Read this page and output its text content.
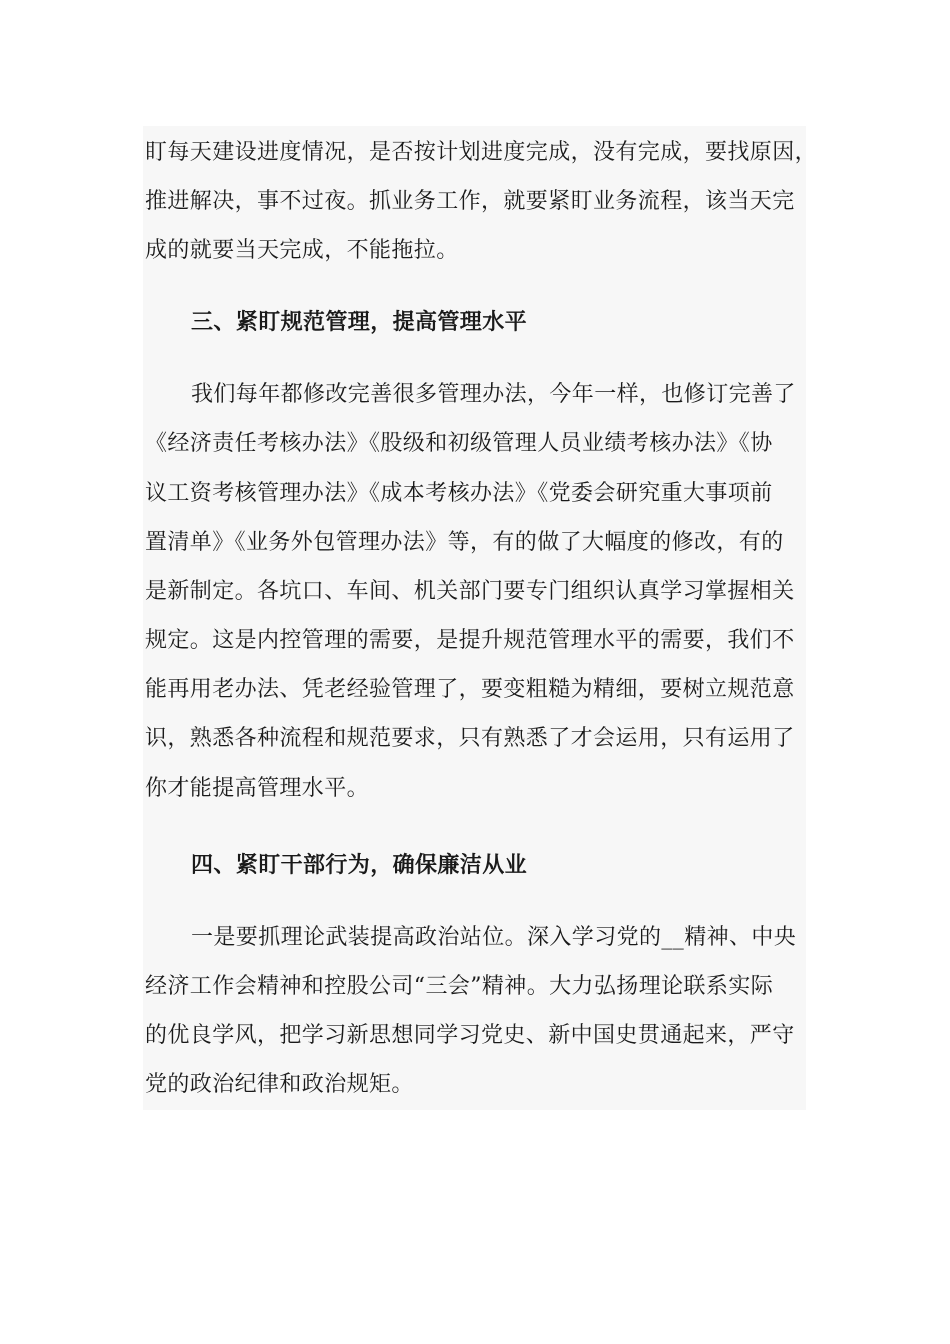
盯每天建设进度情况，是否按计划进度完成，没有完成，要找原因，
推进解决，事不过夜。抓业务工作，就要紧盯业务流程，该当天完
成的就要当天完成，不能拖拉。
三、紧盯规范管理，提高管理水平
我们每年都修改完善很多管理办法，今年一样，也修订完善了
《经济责任考核办法》《股级和初级管理人员业绩考核办法》《协
议工资考核管理办法》《成本考核办法》《党委会研究重大事项前
置清单》《业务外包管理办法》等，有的做了大幅度的修改，有的
是新制定。各坑口、车间、机关部门要专门组织认真学习掌握相关
规定。这是内控管理的需要，是提升规范管理水平的需要，我们不
能再用老办法、凭老经验管理了，要变粗糙为精细，要树立规范意
识，熟悉各种流程和规范要求，只有熟悉了才会运用，只有运用了
你才能提高管理水平。
四、紧盯干部行为，确保廉洁从业
一是要抓理论武装提高政治站位。深入学习党的__精神、中央
经济工作会精神和控股公司“三会”精神。大力弘扬理论联系实际
的优良学风，把学习新思想同学习党史、新中国史贯通起来，严守
党的政治纪律和政治规矩。
